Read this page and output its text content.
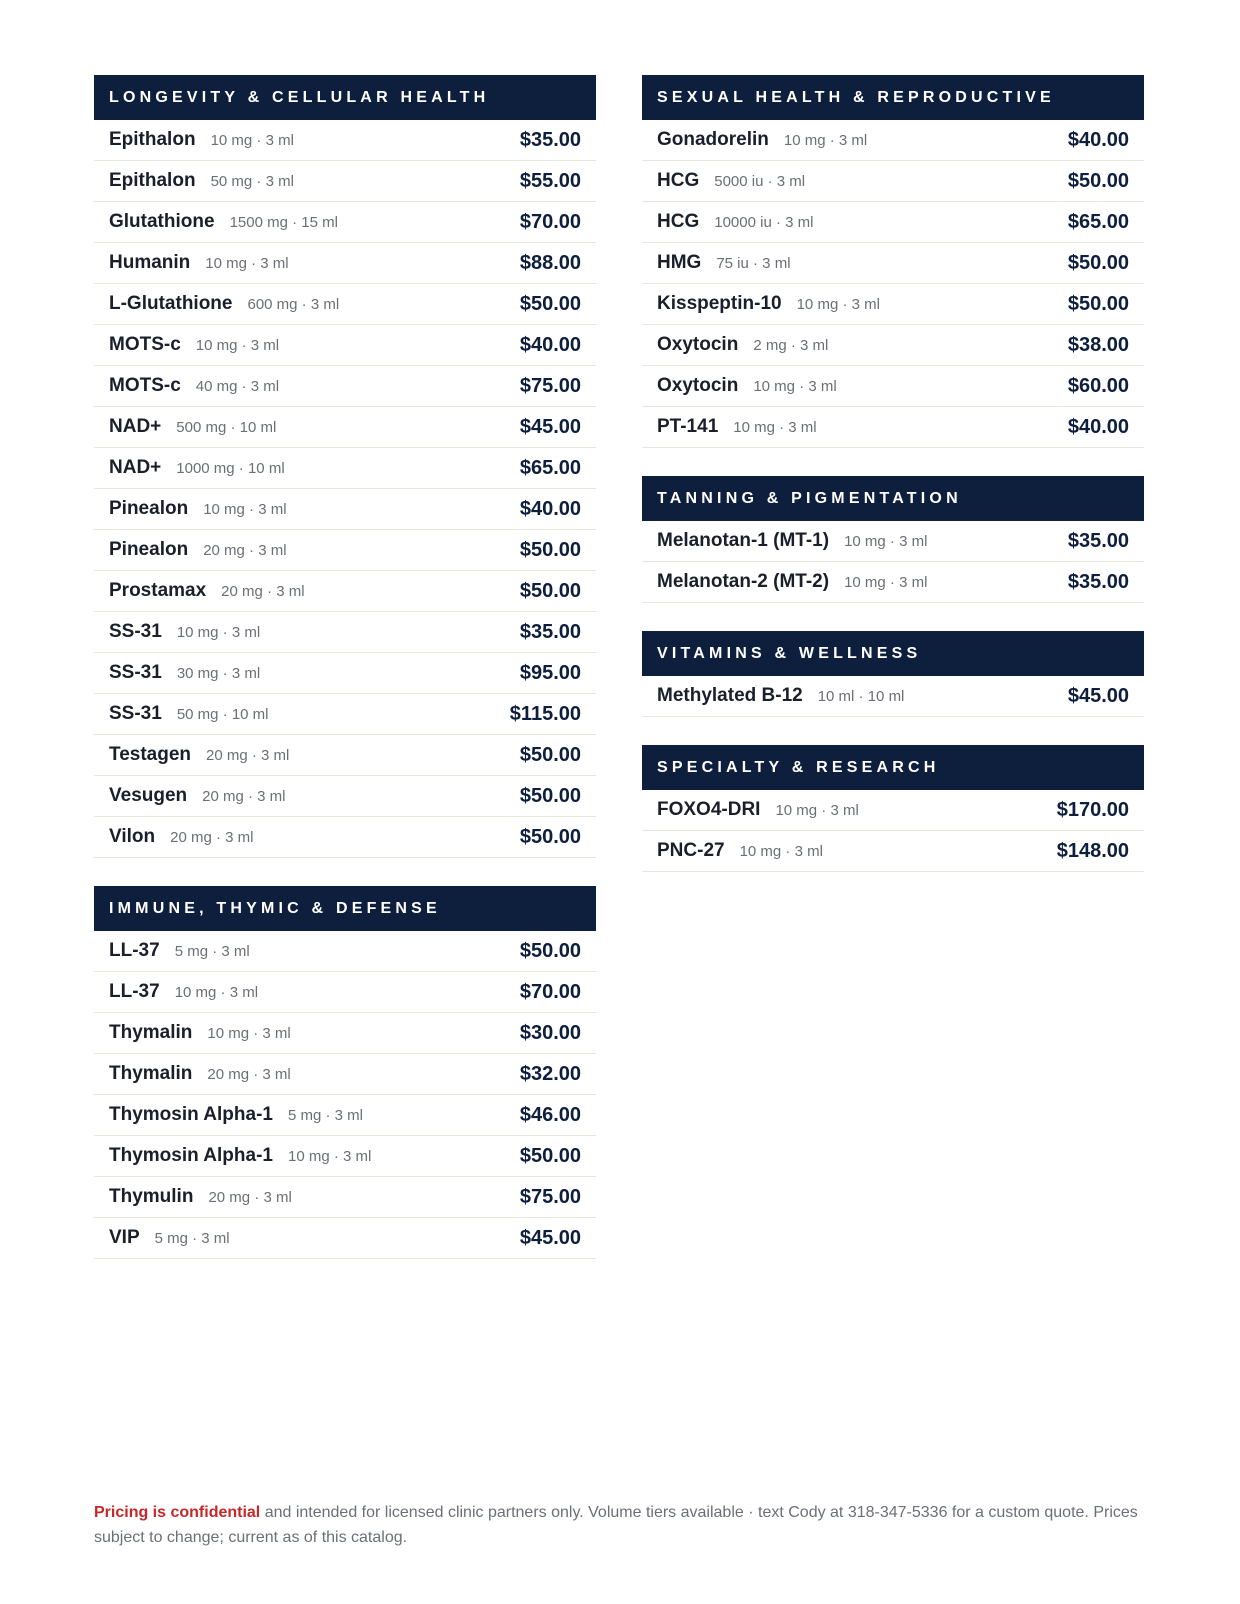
LONGEVITY & CELLULAR HEALTH
Epithalon 10 mg · 3 ml	$35.00
Epithalon 50 mg · 3 ml	$55.00
Glutathione 1500 mg · 15 ml	$70.00
Humanin 10 mg · 3 ml	$88.00
L-Glutathione 600 mg · 3 ml	$50.00
MOTS-c 10 mg · 3 ml	$40.00
MOTS-c 40 mg · 3 ml	$75.00
NAD+ 500 mg · 10 ml	$45.00
NAD+ 1000 mg · 10 ml	$65.00
Pinealon 10 mg · 3 ml	$40.00
Pinealon 20 mg · 3 ml	$50.00
Prostamax 20 mg · 3 ml	$50.00
SS-31 10 mg · 3 ml	$35.00
SS-31 30 mg · 3 ml	$95.00
SS-31 50 mg · 10 ml	$115.00
Testagen 20 mg · 3 ml	$50.00
Vesugen 20 mg · 3 ml	$50.00
Vilon 20 mg · 3 ml	$50.00
IMMUNE, THYMIC & DEFENSE
LL-37 5 mg · 3 ml	$50.00
LL-37 10 mg · 3 ml	$70.00
Thymalin 10 mg · 3 ml	$30.00
Thymalin 20 mg · 3 ml	$32.00
Thymosin Alpha-1 5 mg · 3 ml	$46.00
Thymosin Alpha-1 10 mg · 3 ml	$50.00
Thymulin 20 mg · 3 ml	$75.00
VIP 5 mg · 3 ml	$45.00
SEXUAL HEALTH & REPRODUCTIVE
Gonadorelin 10 mg · 3 ml	$40.00
HCG 5000 iu · 3 ml	$50.00
HCG 10000 iu · 3 ml	$65.00
HMG 75 iu · 3 ml	$50.00
Kisspeptin-10 10 mg · 3 ml	$50.00
Oxytocin 2 mg · 3 ml	$38.00
Oxytocin 10 mg · 3 ml	$60.00
PT-141 10 mg · 3 ml	$40.00
TANNING & PIGMENTATION
Melanotan-1 (MT-1) 10 mg · 3 ml	$35.00
Melanotan-2 (MT-2) 10 mg · 3 ml	$35.00
VITAMINS & WELLNESS
Methylated B-12 10 ml · 10 ml	$45.00
SPECIALTY & RESEARCH
FOXO4-DRI 10 mg · 3 ml	$170.00
PNC-27 10 mg · 3 ml	$148.00
Pricing is confidential and intended for licensed clinic partners only. Volume tiers available · text Cody at 318-347-5336 for a custom quote. Prices subject to change; current as of this catalog.
